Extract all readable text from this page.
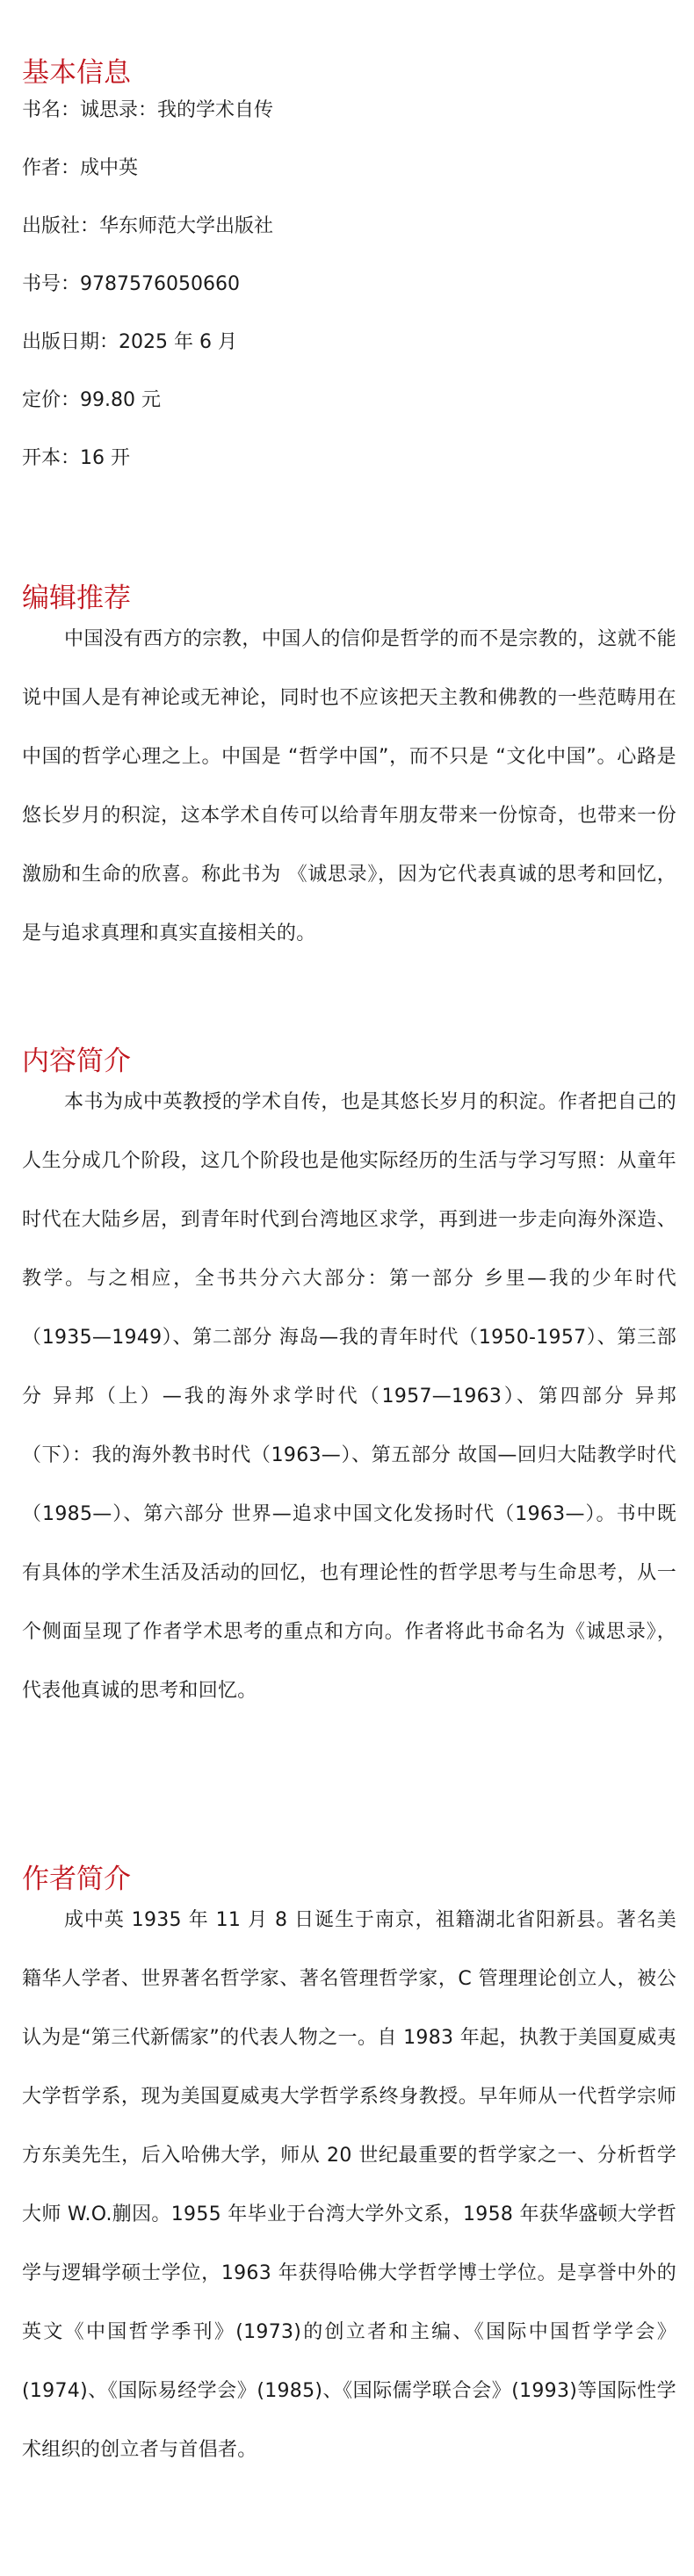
基本信息
书名：诚思录：我的学术自传
作者：成中英
出版社：华东师范大学出版社
书号：9787576050660
出版日期：2025 年 6 月
定价：99.80 元
开本：16 开
编辑推荐

中国没有西方的宗教，中国人的信仰是哲学的而不是宗教的，这就不能说中国人是有神论或无神论，同时也不应该把天主教和佛教的一些范畴用在中国的哲学心理之上。中国是 “哲学中国”，而不只是 “文化中国”。心路是悠长岁月的积淀，这本学术自传可以给青年朋友带来一份惊奇，也带来一份激励和生命的欣喜。称此书为 《诚思录》，因为它代表真诚的思考和回忆，是与追求真理和真实直接相关的。

内容简介

本书为成中英教授的学术自传，也是其悠长岁月的积淀。作者把自己的人生分成几个阶段，这几个阶段也是他实际经历的生活与学习写照：从童年时代在大陆乡居，到青年时代到台湾地区求学，再到进一步走向海外深造、教学。与之相应，全书共分六大部分：第一部分 乡里—我的少年时代（1935—1949）、第二部分 海岛—我的青年时代（1950-1957）、第三部分 异邦（上）—我的海外求学时代（1957—1963）、第四部分 异邦（下）：我的海外教书时代（1963—）、第五部分 故国—回归大陆教学时代（1985—）、第六部分 世界—追求中国文化发扬时代（1963—）。书中既有具体的学术生活及活动的回忆，也有理论性的哲学思考与生命思考，从一个侧面呈现了作者学术思考的重点和方向。作者将此书命名为《诚思录》，代表他真诚的思考和回忆。

作者简介

成中英 1935 年 11 月 8 日诞生于南京，祖籍湖北省阳新县。著名美籍华人学者、世界著名哲学家、著名管理哲学家，C 管理理论创立人，被公认为是“第三代新儒家”的代表人物之一。自 1983 年起，执教于美国夏威夷大学哲学系，现为美国夏威夷大学哲学系终身教授。早年师从一代哲学宗师方东美先生，后入哈佛大学，师从 20 世纪最重要的哲学家之一、分析哲学大师 W.O.蒯因。1955 年毕业于台湾大学外文系，1958 年获华盛顿大学哲学与逻辑学硕士学位，1963 年获得哈佛大学哲学博士学位。是享誉中外的英文《中国哲学季刊》(1973)的创立者和主编、《国际中国哲学学会》(1974)、《国际易经学会》(1985)、《国际儒学联合会》(1993)等国际性学术组织的创立者与首倡者。
